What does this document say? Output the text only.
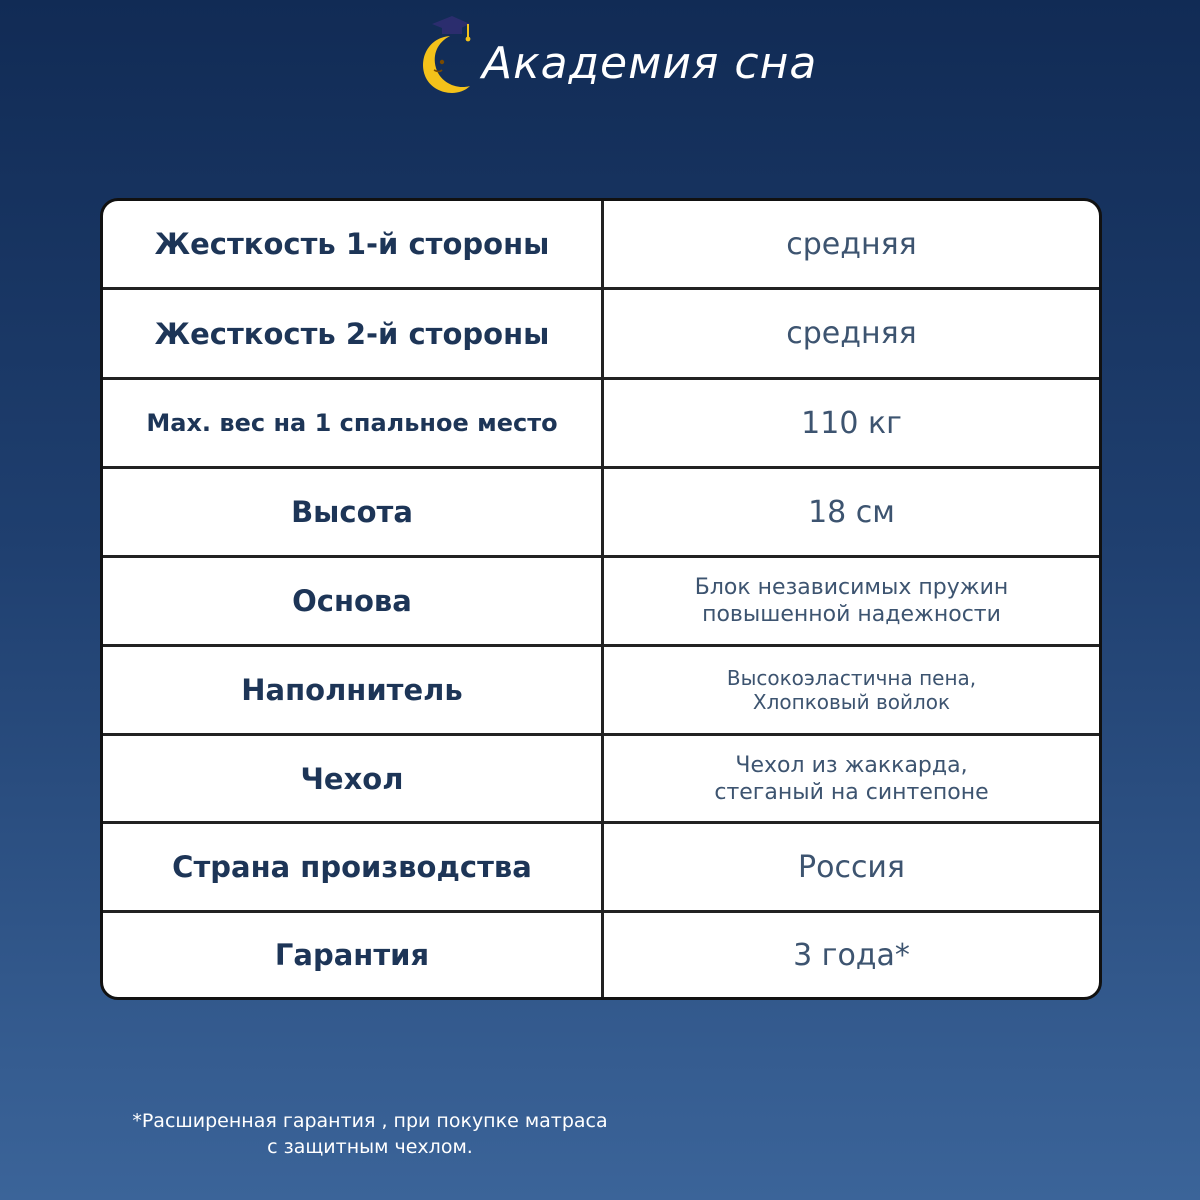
Академия сна
Жесткость 1-й стороны	средняя
Жесткость 2-й стороны	средняя
Max. вес на 1 спальное место	110 кг
Высота	18 см
Основа	Блок независимых пружин
повышенной надежности
Наполнитель	Высокоэластична пена,
Хлопковый войлок
Чехол	Чехол из жаккарда,
стеганый на синтепоне
Страна производства	Россия
Гарантия	3 года*
*Расширенная гарантия , при покупке матраса
с защитным чехлом.
